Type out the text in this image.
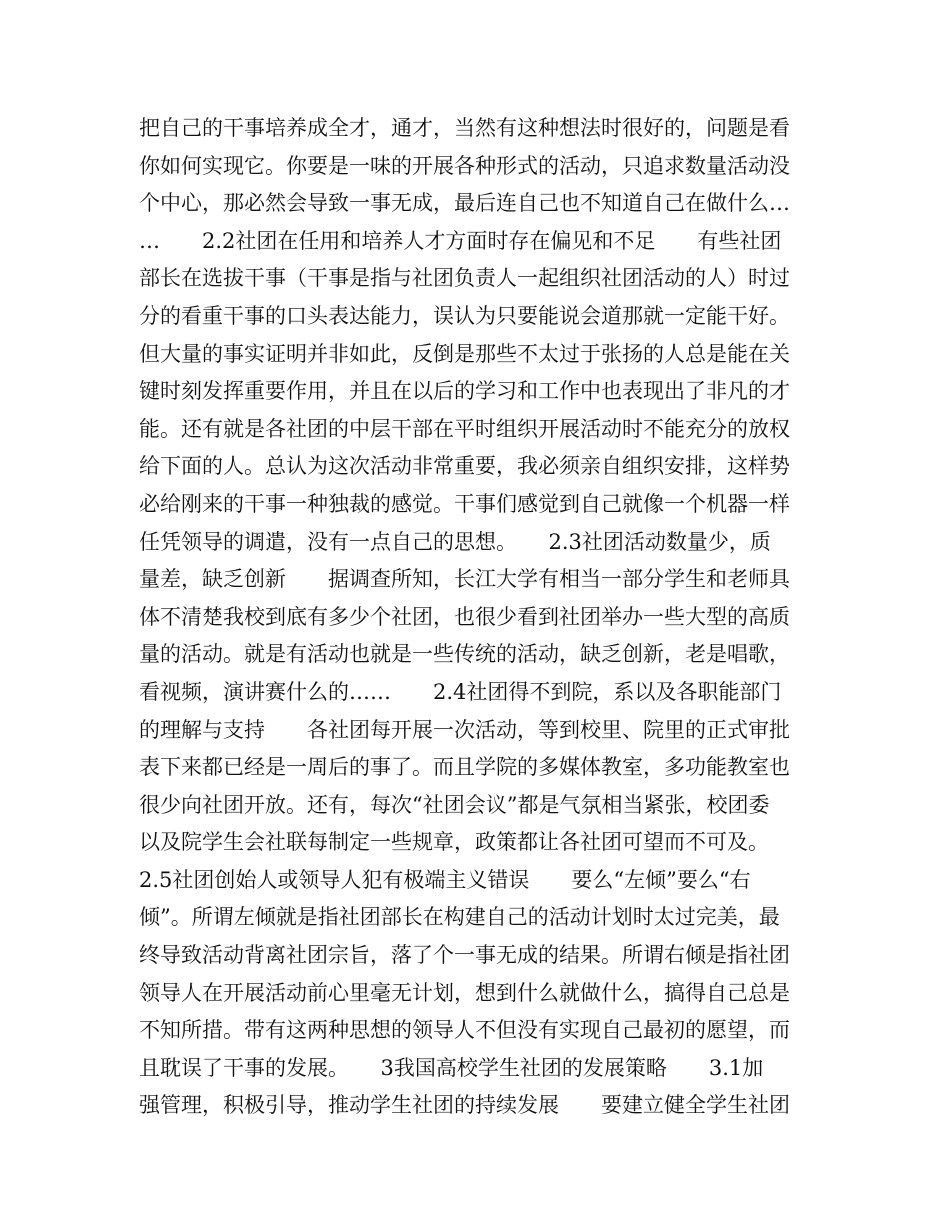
把自己的干事培养成全才，通才，当然有这种想法时很好的，问题是看
你如何实现它。你要是一味的开展各种形式的活动，只追求数量活动没
个中心，那必然会导致一事无成，最后连自己也不知道自己在做什么…
…　　2.2社团在任用和培养人才方面时存在偏见和不足　　有些社团
部长在选拔干事（干事是指与社团负责人一起组织社团活动的人）时过
分的看重干事的口头表达能力，误认为只要能说会道那就一定能干好。
但大量的事实证明并非如此，反倒是那些不太过于张扬的人总是能在关
键时刻发挥重要作用，并且在以后的学习和工作中也表现出了非凡的才
能。还有就是各社团的中层干部在平时组织开展活动时不能充分的放权
给下面的人。总认为这次活动非常重要，我必须亲自组织安排，这样势
必给刚来的干事一种独裁的感觉。干事们感觉到自己就像一个机器一样
任凭领导的调遣，没有一点自己的思想。　　2.3社团活动数量少，质
量差，缺乏创新　　据调查所知，长江大学有相当一部分学生和老师具
体不清楚我校到底有多少个社团，也很少看到社团举办一些大型的高质
量的活动。就是有活动也就是一些传统的活动，缺乏创新，老是唱歌，
看视频，演讲赛什么的……　　2.4社团得不到院，系以及各职能部门
的理解与支持　　各社团每开展一次活动，等到校里、院里的正式审批
表下来都已经是一周后的事了。而且学院的多媒体教室，多功能教室也
很少向社团开放。还有，每次“社团会议”都是气氛相当紧张，校团委
以及院学生会社联每制定一些规章，政策都让各社团可望而不可及。
2.5社团创始人或领导人犯有极端主义错误　　要么“左倾”要么“右
倾”。所谓左倾就是指社团部长在构建自己的活动计划时太过完美，最
终导致活动背离社团宗旨，落了个一事无成的结果。所谓右倾是指社团
领导人在开展活动前心里毫无计划，想到什么就做什么，搞得自己总是
不知所措。带有这两种思想的领导人不但没有实现自己最初的愿望，而
且耽误了干事的发展。　　3我国高校学生社团的发展策略　　3.1加
强管理，积极引导，推动学生社团的持续发展　　要建立健全学生社团
